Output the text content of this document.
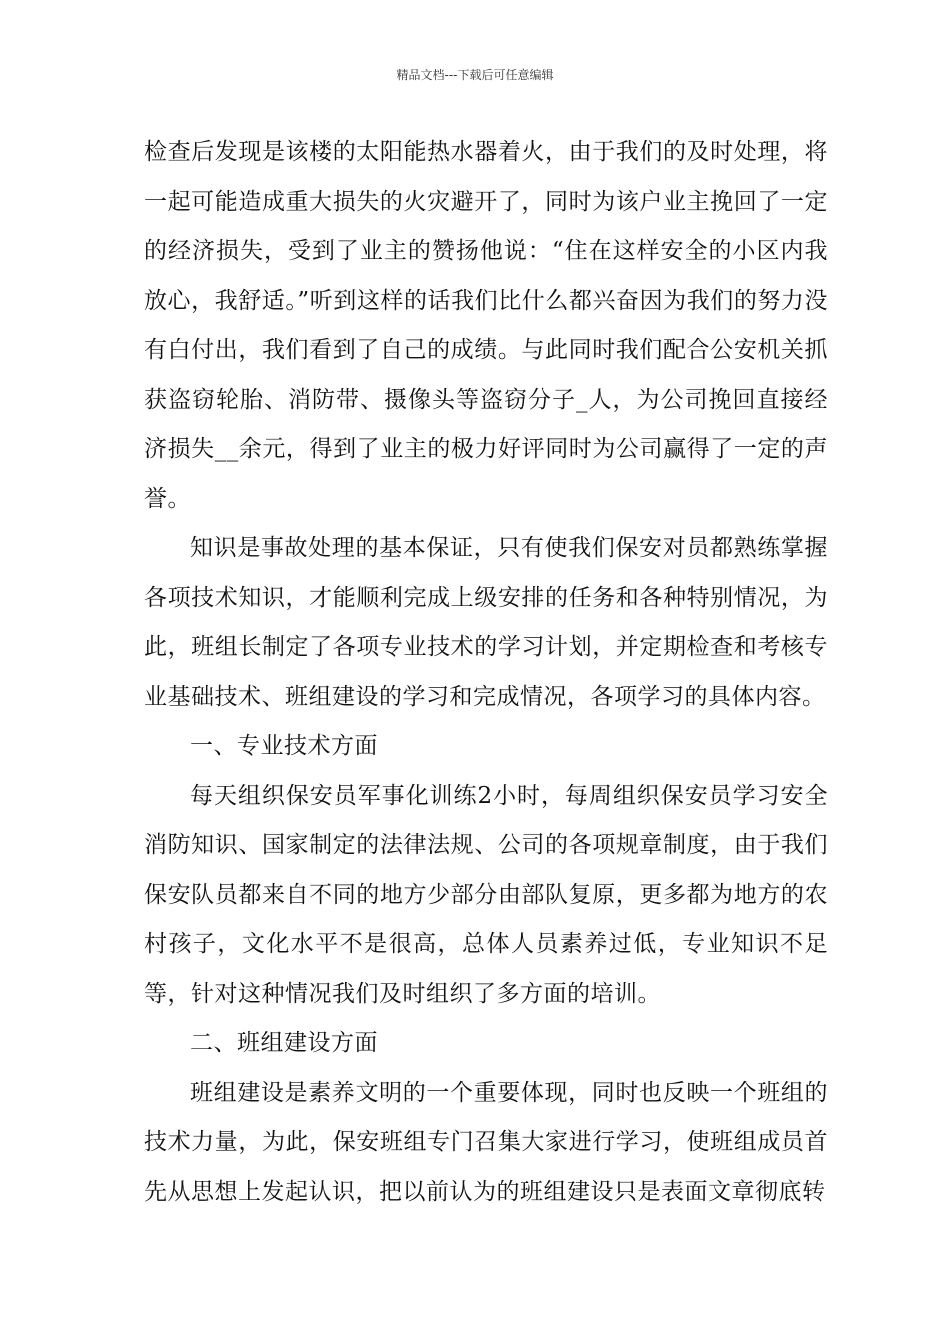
精品文档---下载后可任意编辑

检查后发现是该楼的太阳能热水器着火，由于我们的及时处理，将一起可能造成重大损失的火灾避开了，同时为该户业主挽回了一定的经济损失，受到了业主的赞扬他说：“住在这样安全的小区内我放心，我舒适。”听到这样的话我们比什么都兴奋因为我们的努力没有白付出，我们看到了自己的成绩。与此同时我们配合公安机关抓获盗窃轮胎、消防带、摄像头等盗窃分子_人，为公司挽回直接经济损失__余元，得到了业主的极力好评同时为公司赢得了一定的声誉。

知识是事故处理的基本保证，只有使我们保安对员都熟练掌握各项技术知识，才能顺利完成上级安排的任务和各种特别情况，为此，班组长制定了各项专业技术的学习计划，并定期检查和考核专业基础技术、班组建设的学习和完成情况，各项学习的具体内容。

一、专业技术方面

每天组织保安员军事化训练2小时，每周组织保安员学习安全消防知识、国家制定的法律法规、公司的各项规章制度，由于我们保安队员都来自不同的地方少部分由部队复原，更多都为地方的农村孩子，文化水平不是很高，总体人员素养过低，专业知识不足等，针对这种情况我们及时组织了多方面的培训。

二、班组建设方面

班组建设是素养文明的一个重要体现，同时也反映一个班组的技术力量，为此，保安班组专门召集大家进行学习，使班组成员首先从思想上发起认识，把以前认为的班组建设只是表面文章彻底转
